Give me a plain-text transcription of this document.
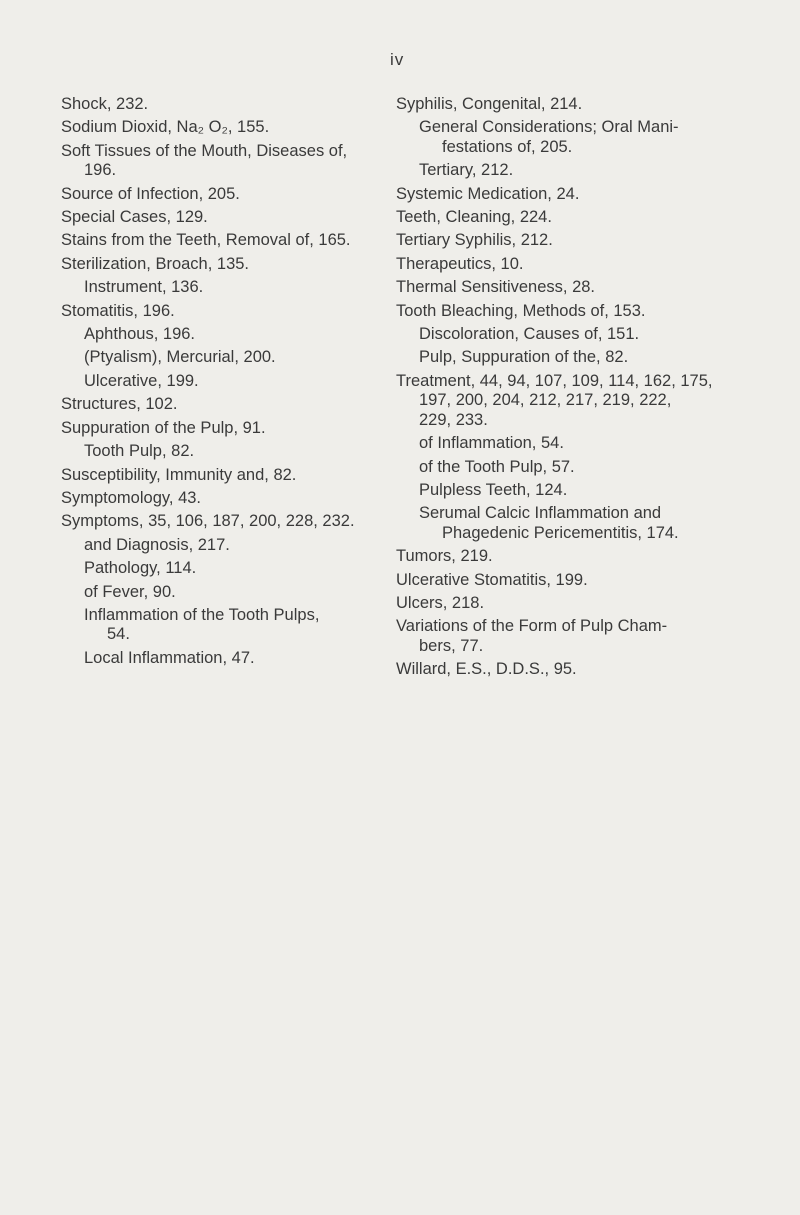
iv
Shock, 232.
Sodium Dioxid, Na₂ O₂, 155.
Soft Tissues of the Mouth, Diseases of,
196.
Source of Infection, 205.
Special Cases, 129.
Stains from the Teeth, Removal of, 165.
Sterilization, Broach, 135.
Instrument, 136.
Stomatitis, 196.
Aphthous, 196.
(Ptyalism), Mercurial, 200.
Ulcerative, 199.
Structures, 102.
Suppuration of the Pulp, 91.
Tooth Pulp, 82.
Susceptibility, Immunity and, 82.
Symptomology, 43.
Symptoms, 35, 106, 187, 200, 228, 232.
and Diagnosis, 217.
Pathology, 114.
of Fever, 90.
Inflammation of the Tooth Pulps,
54.
Local Inflammation, 47.
Syphilis, Congenital, 214.
General Considerations; Oral Mani-
festations of, 205.
Tertiary, 212.
Systemic Medication, 24.
Teeth, Cleaning, 224.
Tertiary Syphilis, 212.
Therapeutics, 10.
Thermal Sensitiveness, 28.
Tooth Bleaching, Methods of, 153.
Discoloration, Causes of, 151.
Pulp, Suppuration of the, 82.
Treatment, 44, 94, 107, 109, 114, 162, 175,
197, 200, 204, 212, 217, 219, 222,
229, 233.
of Inflammation, 54.
of the Tooth Pulp, 57.
Pulpless Teeth, 124.
Serumal Calcic Inflammation and
Phagedenic Pericementitis, 174.
Tumors, 219.
Ulcerative Stomatitis, 199.
Ulcers, 218.
Variations of the Form of Pulp Cham-
bers, 77.
Willard, E.S., D.D.S., 95.
